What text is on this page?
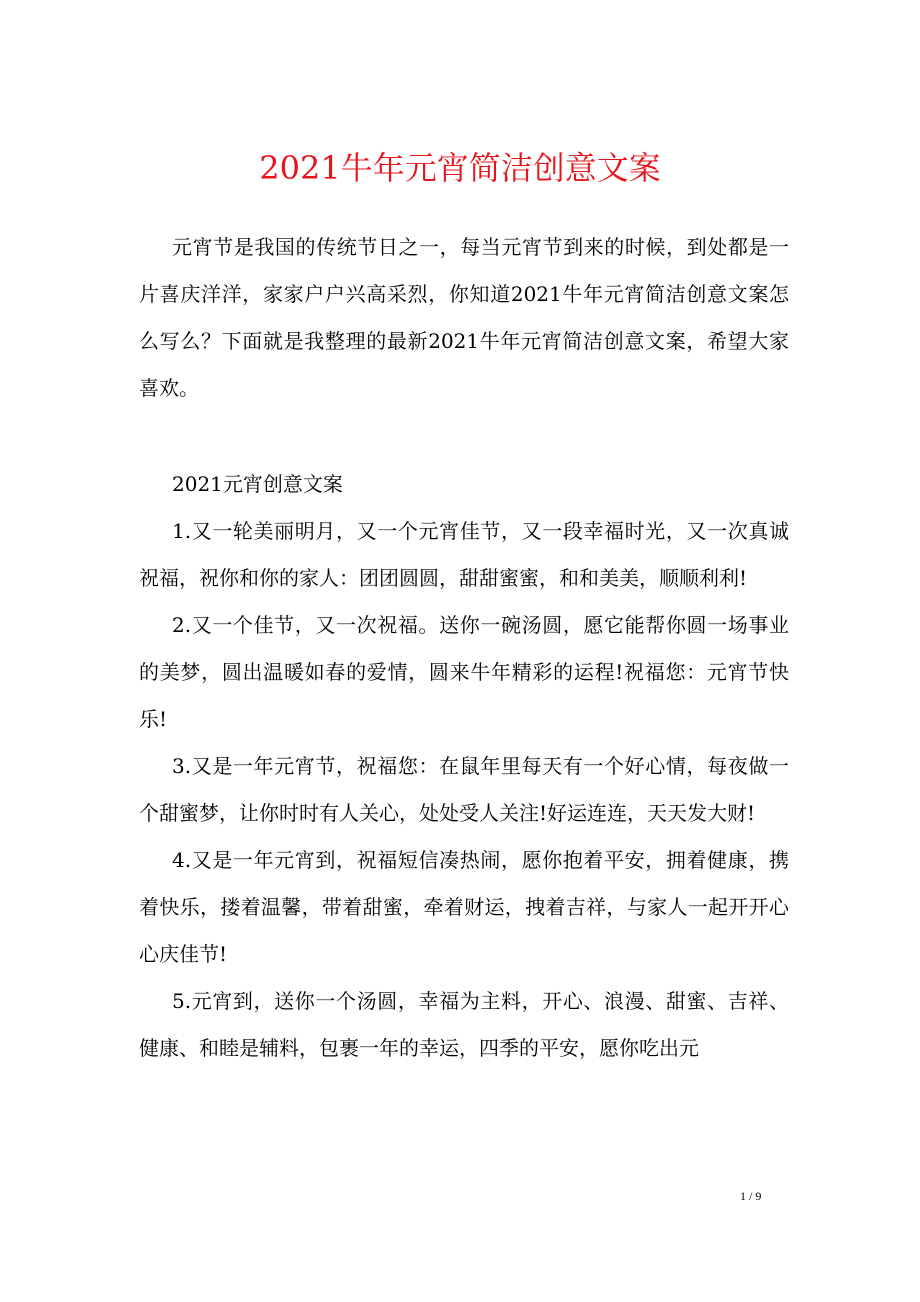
2021牛年元宵简洁创意文案

元宵节是我国的传统节日之一，每当元宵节到来的时候，到处都是一片喜庆洋洋，家家户户兴高采烈，你知道2021牛年元宵简洁创意文案怎么写么？下面就是我整理的最新2021牛年元宵简洁创意文案，希望大家喜欢。

2021元宵创意文案

1.又一轮美丽明月，又一个元宵佳节，又一段幸福时光，又一次真诚祝福，祝你和你的家人：团团圆圆，甜甜蜜蜜，和和美美，顺顺利利!

2.又一个佳节，又一次祝福。送你一碗汤圆，愿它能帮你圆一场事业的美梦，圆出温暖如春的爱情，圆来牛年精彩的运程!祝福您：元宵节快乐!

3.又是一年元宵节，祝福您：在鼠年里每天有一个好心情，每夜做一个甜蜜梦，让你时时有人关心，处处受人关注!好运连连，天天发大财!

4.又是一年元宵到，祝福短信凑热闹，愿你抱着平安，拥着健康，携着快乐，搂着温馨，带着甜蜜，牵着财运，拽着吉祥，与家人一起开开心心庆佳节!

5.元宵到，送你一个汤圆，幸福为主料，开心、浪漫、甜蜜、吉祥、健康、和睦是辅料，包裹一年的幸运，四季的平安，愿你吃出元

1 / 9
